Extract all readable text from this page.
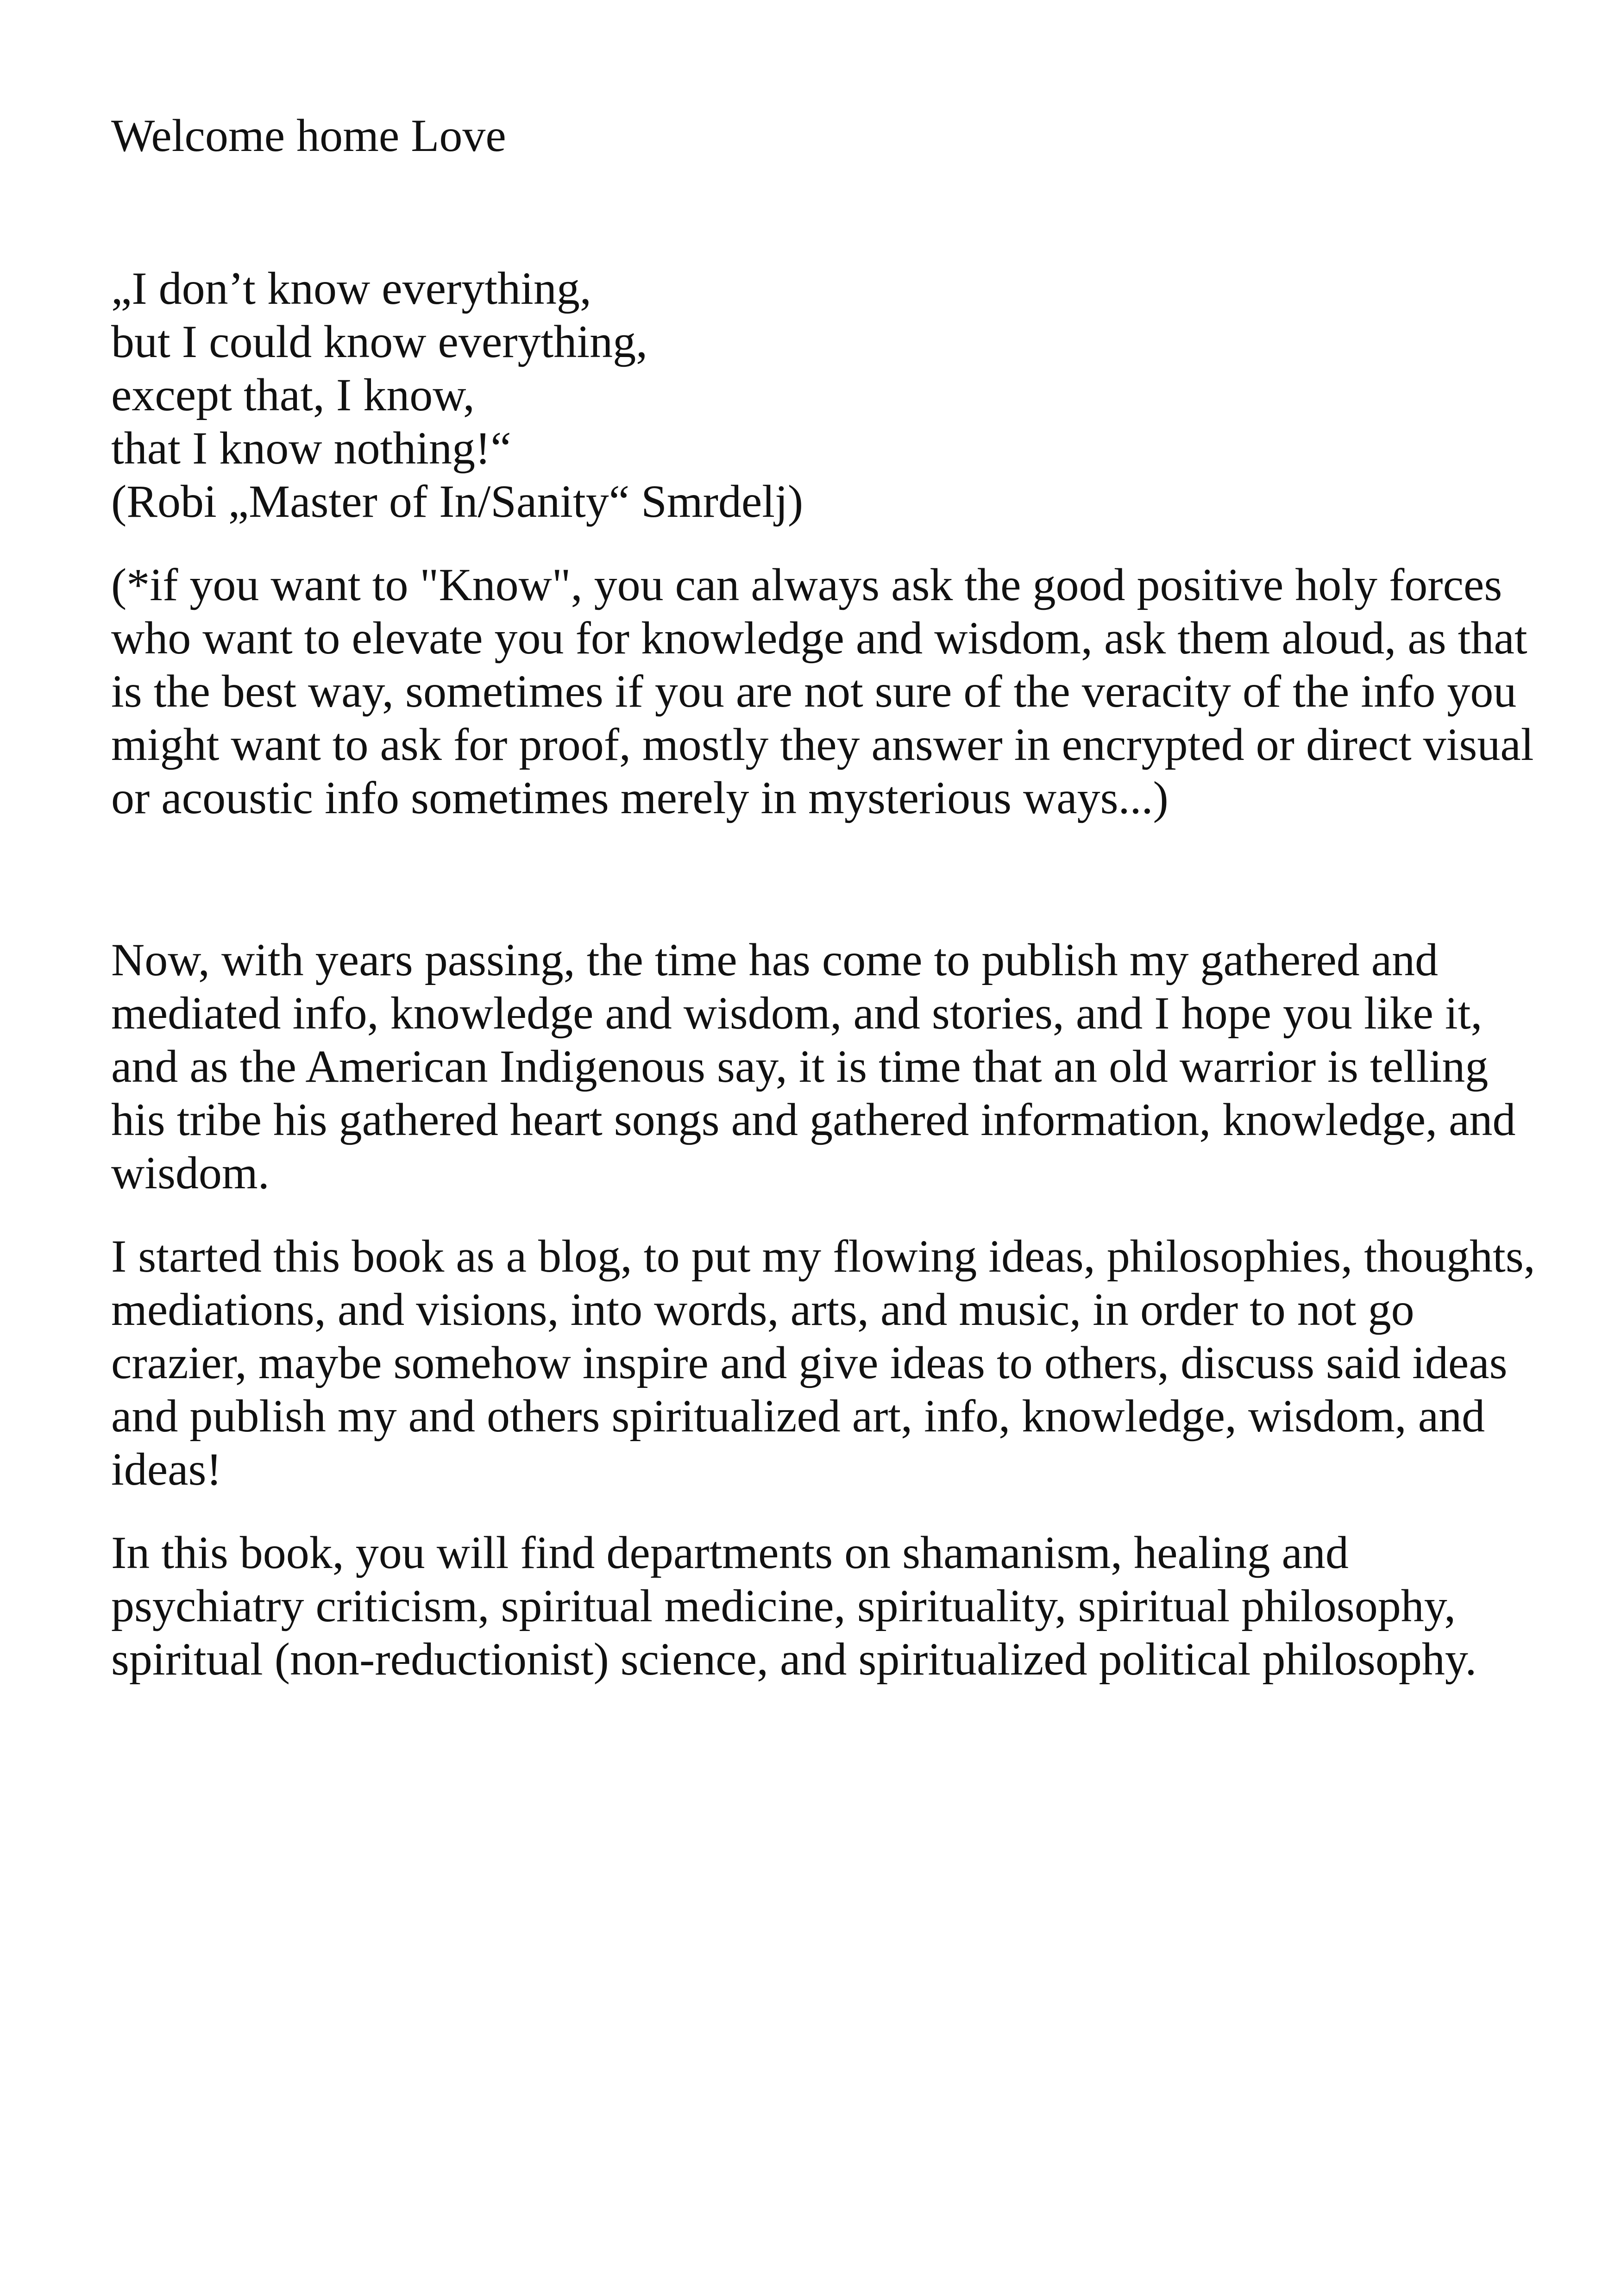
Welcome home Love
„I don’t know everything,
but I could know everything,
except that, I know,
that I know nothing!“
(Robi „Master of In/Sanity“ Smrdelj)

(*if you want to "Know", you can always ask the good positive holy forces who want to elevate you for knowledge and wisdom, ask them aloud, as that is the best way, sometimes if you are not sure of the veracity of the info you might want to ask for proof, mostly they answer in encrypted or direct visual or acoustic info sometimes merely in mysterious ways...)

Now, with years passing, the time has come to publish my gathered and mediated info, knowledge and wisdom, and stories, and I hope you like it, and as the American Indigenous say, it is time that an old warrior is telling his tribe his gathered heart songs and gathered information, knowledge, and wisdom.

I started this book as a blog, to put my flowing ideas, philosophies, thoughts, mediations, and visions, into words, arts, and music, in order to not go crazier, maybe somehow inspire and give ideas to others, discuss said ideas and publish my and others spiritualized art, info, knowledge, wisdom, and ideas!

In this book, you will find departments on shamanism, healing and psychiatry criticism, spiritual medicine, spirituality, spiritual philosophy, spiritual (non-reductionist) science, and spiritualized political philosophy.
